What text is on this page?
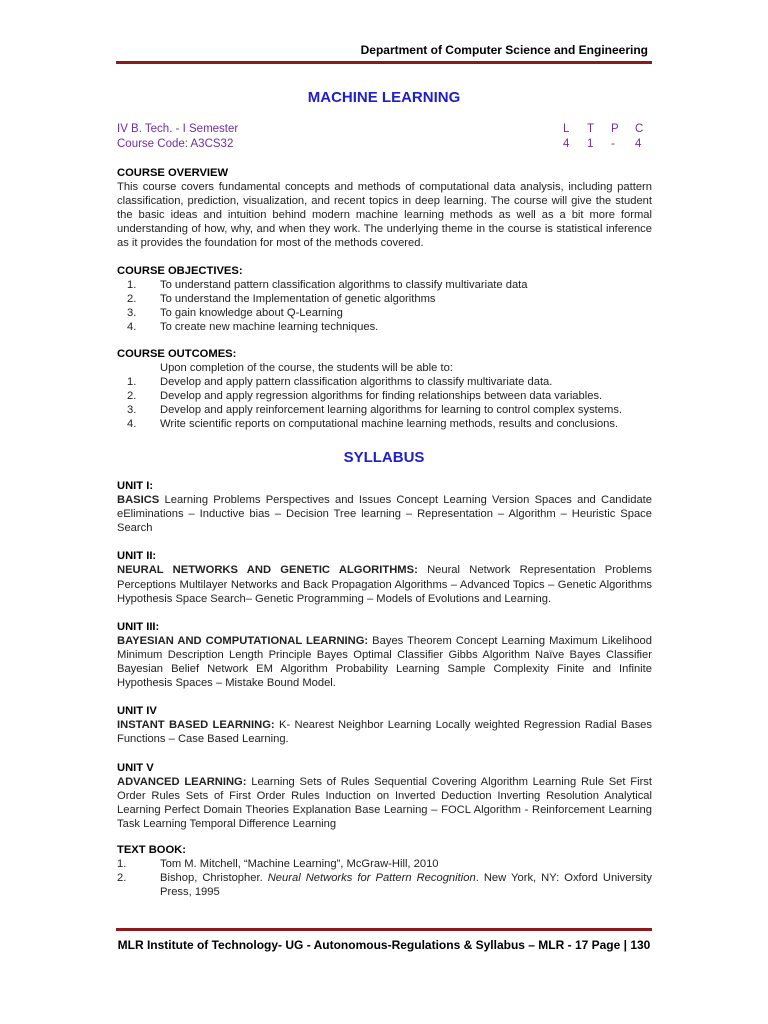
Department of Computer Science and Engineering
MACHINE LEARNING
IV B. Tech. - I Semester
Course Code: A3CS32
L T P C
4 1 - 4
COURSE OVERVIEW
This course covers fundamental concepts and methods of computational data analysis, including pattern classification, prediction, visualization, and recent topics in deep learning. The course will give the student the basic ideas and intuition behind modern machine learning methods as well as a bit more formal understanding of how, why, and when they work. The underlying theme in the course is statistical inference as it provides the foundation for most of the methods covered.
COURSE OBJECTIVES:
1. To understand pattern classification algorithms to classify multivariate data
2. To understand the Implementation of genetic algorithms
3. To gain knowledge about Q-Learning
4. To create new machine learning techniques.
COURSE OUTCOMES:
Upon completion of the course, the students will be able to:
1. Develop and apply pattern classification algorithms to classify multivariate data.
2. Develop and apply regression algorithms for finding relationships between data variables.
3. Develop and apply reinforcement learning algorithms for learning to control complex systems.
4. Write scientific reports on computational machine learning methods, results and conclusions.
SYLLABUS
UNIT I:
BASICS Learning Problems Perspectives and Issues Concept Learning Version Spaces and Candidate eEliminations – Inductive bias – Decision Tree learning – Representation – Algorithm – Heuristic Space Search
UNIT II:
NEURAL NETWORKS AND GENETIC ALGORITHMS: Neural Network Representation Problems Perceptions Multilayer Networks and Back Propagation Algorithms – Advanced Topics – Genetic Algorithms Hypothesis Space Search– Genetic Programming – Models of Evolutions and Learning.
UNIT III:
BAYESIAN AND COMPUTATIONAL LEARNING: Bayes Theorem Concept Learning Maximum Likelihood Minimum Description Length Principle Bayes Optimal Classifier Gibbs Algorithm Naïve Bayes Classifier Bayesian Belief Network EM Algorithm Probability Learning Sample Complexity Finite and Infinite Hypothesis Spaces – Mistake Bound Model.
UNIT IV
INSTANT BASED LEARNING: K- Nearest Neighbor Learning Locally weighted Regression Radial Bases Functions – Case Based Learning.
UNIT V
ADVANCED LEARNING: Learning Sets of Rules Sequential Covering Algorithm Learning Rule Set First Order Rules Sets of First Order Rules Induction on Inverted Deduction Inverting Resolution Analytical Learning Perfect Domain Theories Explanation Base Learning – FOCL Algorithm - Reinforcement Learning Task Learning Temporal Difference Learning
TEXT BOOK:
1.	Tom M. Mitchell, “Machine Learning”, McGraw-Hill, 2010
2.	Bishop, Christopher. Neural Networks for Pattern Recognition. New York, NY: Oxford University Press, 1995
MLR Institute of Technology- UG - Autonomous-Regulations & Syllabus – MLR - 17 Page | 130
